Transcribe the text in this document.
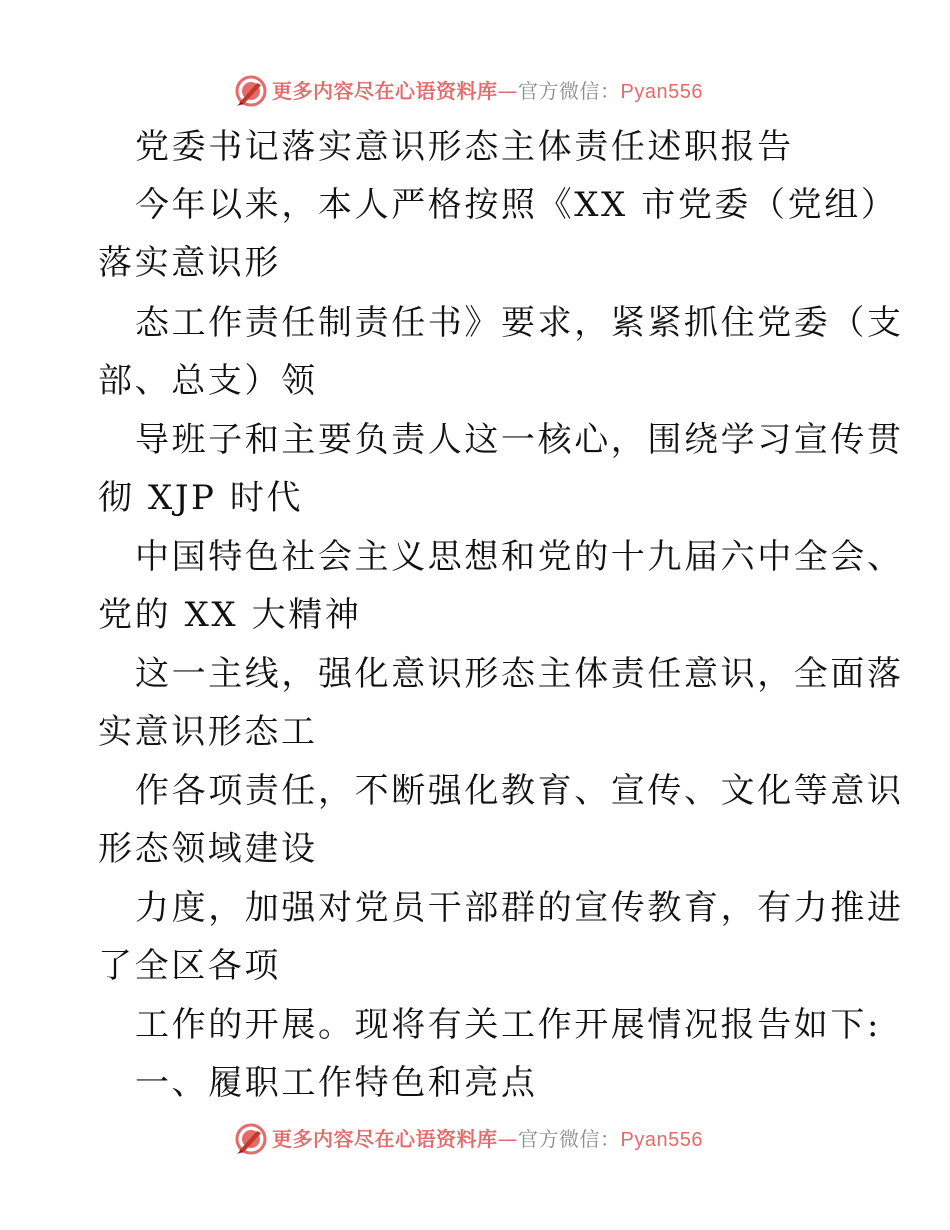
更多内容尽在心语资料库—官方微信：Pyan556
党委书记落实意识形态主体责任述职报告
今年以来，本人严格按照《XX 市党委（党组）
落实意识形
态工作责任制责任书》要求，紧紧抓住党委（支
部、总支）领
导班子和主要负责人这一核心，围绕学习宣传贯
彻 XJP 时代
中国特色社会主义思想和党的十九届六中全会、
党的 XX 大精神
这一主线，强化意识形态主体责任意识，全面落
实意识形态工
作各项责任，不断强化教育、宣传、文化等意识
形态领域建设
力度，加强对党员干部群的宣传教育，有力推进
了全区各项
工作的开展。现将有关工作开展情况报告如下:
一、履职工作特色和亮点
更多内容尽在心语资料库—官方微信：Pyan556
